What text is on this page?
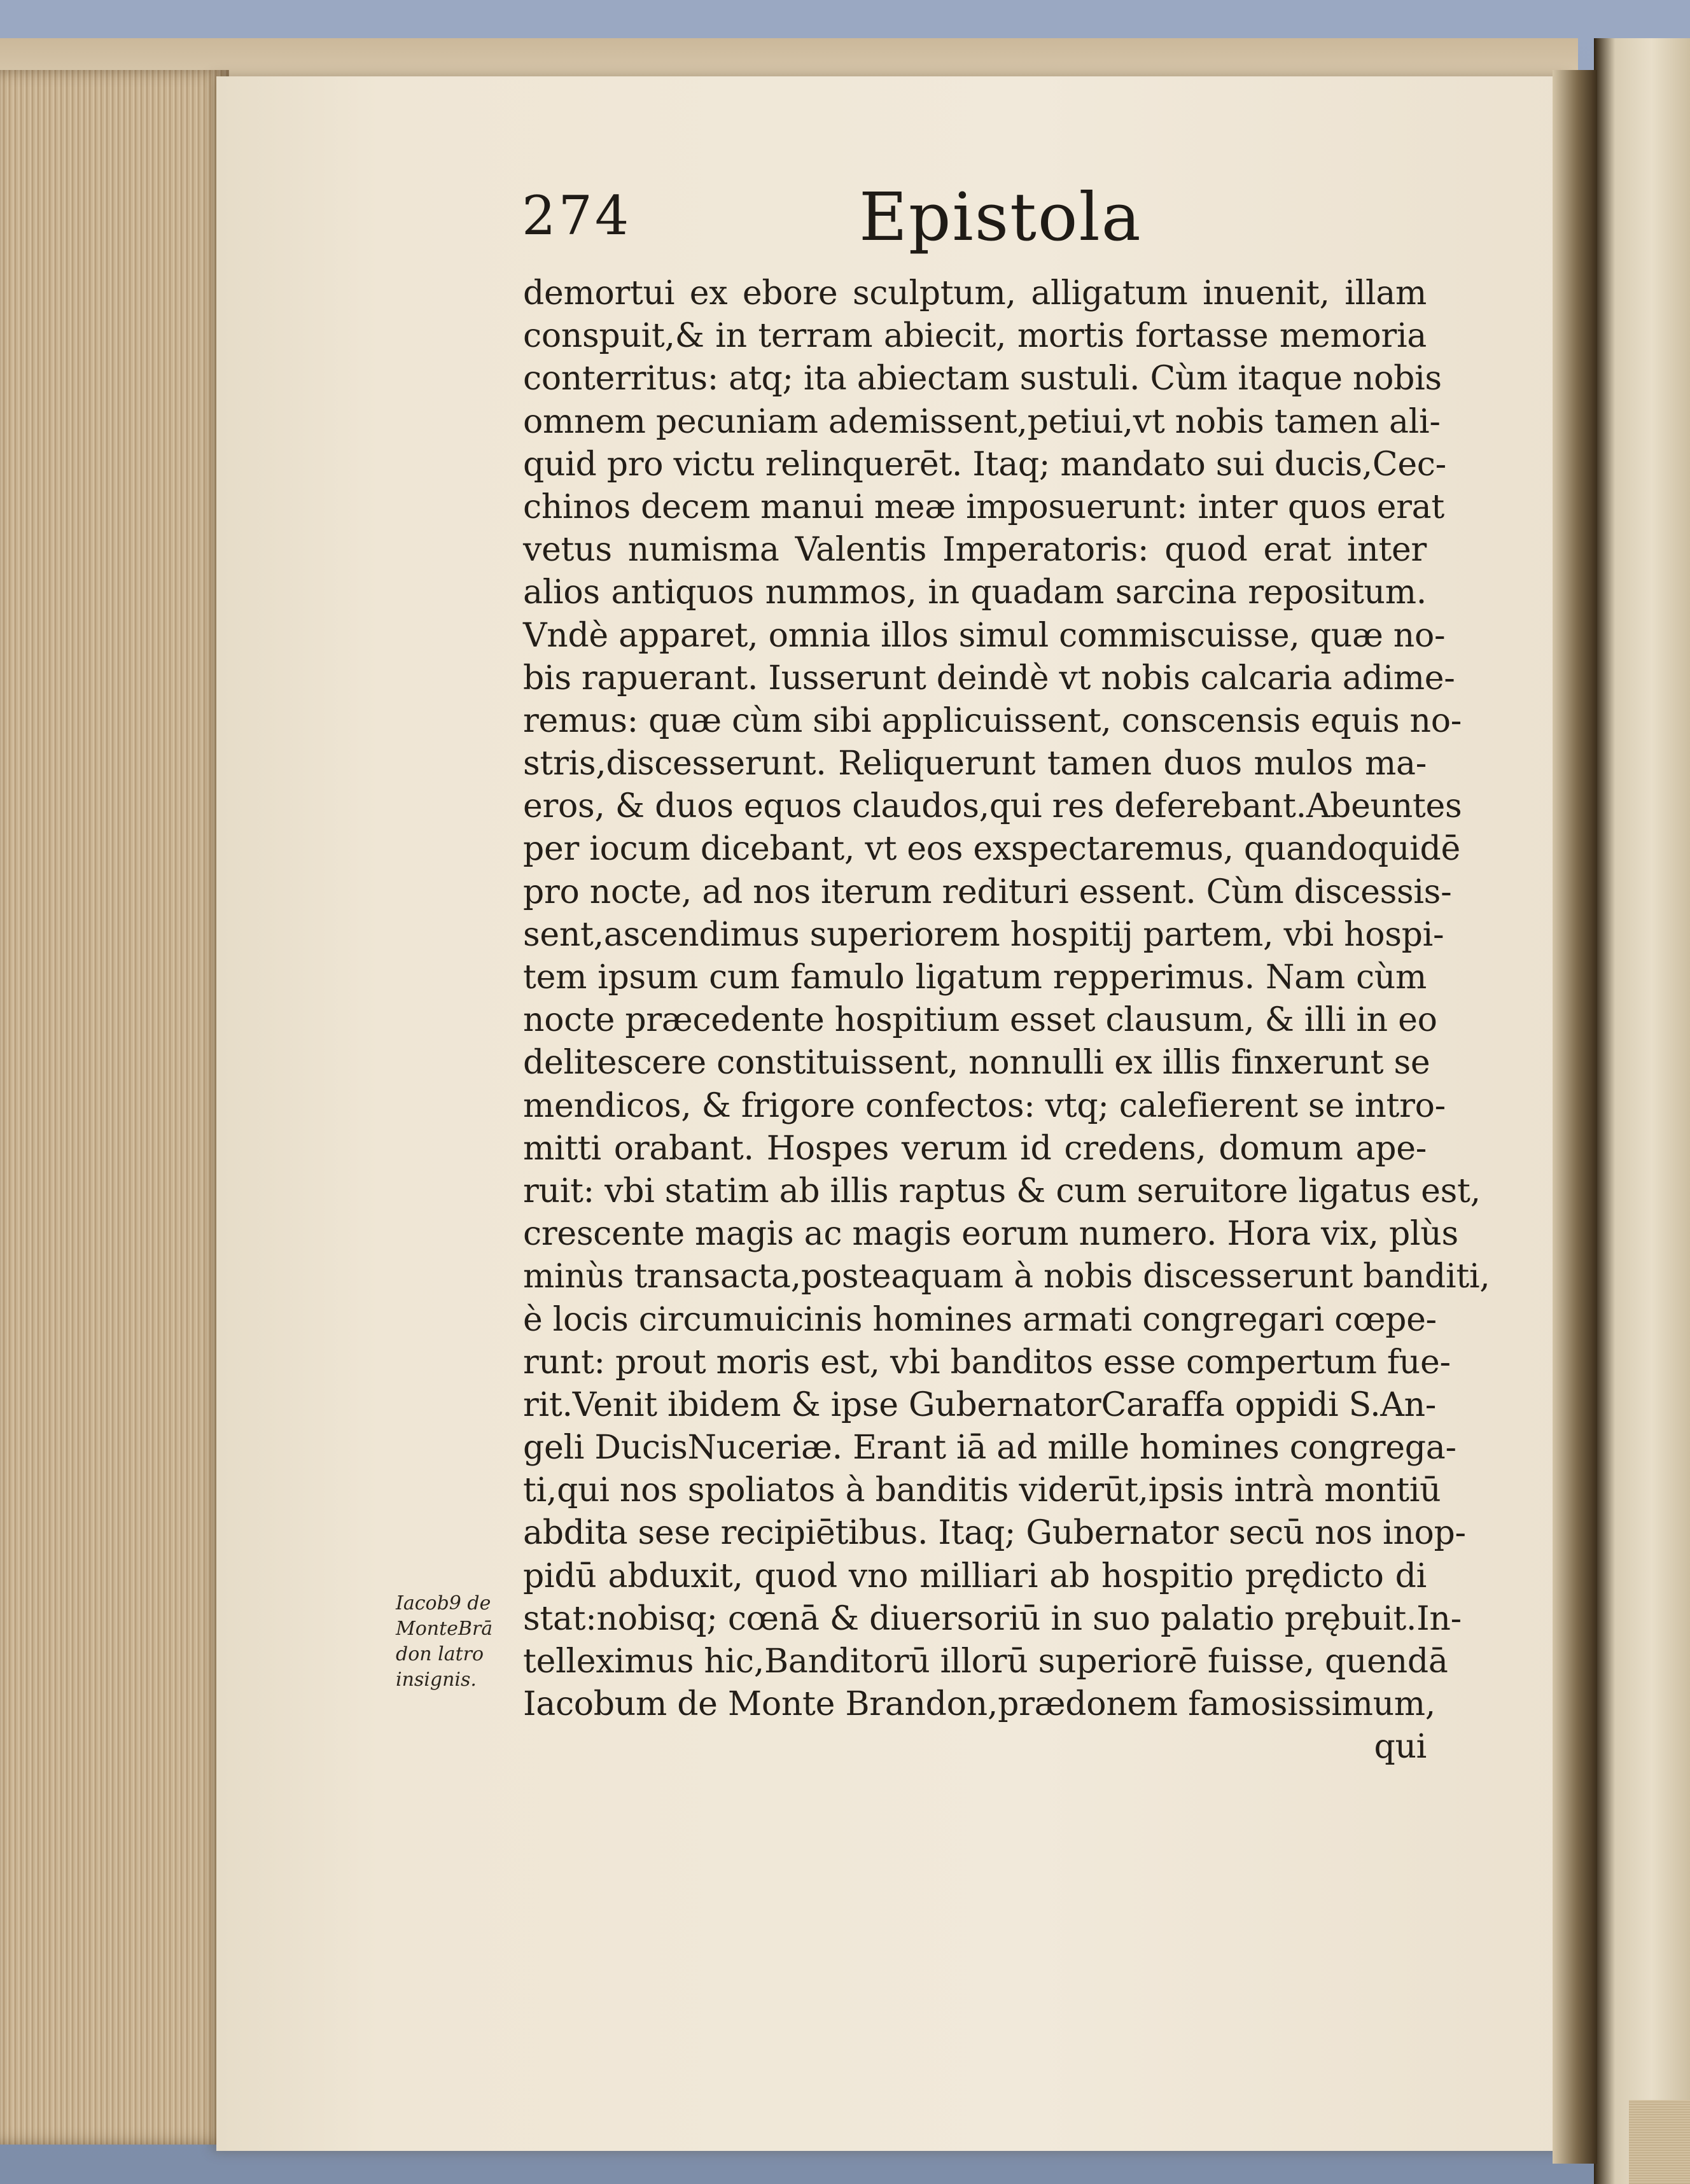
274	Epistola
demortui ex ebore sculptum, alligatum inuenit, illam
conspuit,& in terram abiecit, mortis fortasse memoria
conterritus: atq; ita abiectam sustuli. Cùm itaque nobis
omnem pecuniam ademissent,petiui,vt nobis tamen ali-
quid pro victu relinquerēt. Itaq; mandato sui ducis,Cec-
chinos decem manui meæ imposuerunt: inter quos erat
vetus numisma Valentis Imperatoris: quod erat inter
alios antiquos nummos, in quadam sarcina repositum.
Vndè apparet, omnia illos simul commiscuisse, quæ no-
bis rapuerant. Iusserunt deindè vt nobis calcaria adime-
remus: quæ cùm sibi applicuissent, conscensis equis no-
stris,discesserunt. Reliquerunt tamen duos mulos ma-
eros, & duos equos claudos,qui res deferebant.Abeuntes
per iocum dicebant, vt eos exspectaremus, quandoquidē
pro nocte, ad nos iterum redituri essent. Cùm discessis-
sent,ascendimus superiorem hospitij partem, vbi hospi-
tem ipsum cum famulo ligatum repperimus. Nam cùm
nocte præcedente hospitium esset clausum, & illi in eo
delitescere constituissent, nonnulli ex illis finxerunt se
mendicos, & frigore confectos: vtq; calefierent se intro-
mitti orabant. Hospes verum id credens, domum ape-
ruit: vbi statim ab illis raptus & cum seruitore ligatus est,
crescente magis ac magis eorum numero. Hora vix, plùs
minùs transacta,posteaquam à nobis discesserunt banditi,
è locis circumuicinis homines armati congregari cœpe-
runt: prout moris est, vbi banditos esse compertum fue-
rit.Venit ibidem & ipse GubernatorCaraffa oppidi S.An-
geli DucisNuceriæ. Erant iā ad mille homines congrega-
ti,qui nos spoliatos à banditis viderūt,ipsis intrà montiū
abdita sese recipiētibus. Itaq; Gubernator secū nos inop-
pidū abduxit, quod vno milliari ab hospitio prędicto di
stat:nobisq; cœnā & diuersoriū in suo palatio prębuit.In-
telleximus hic,Banditorū illorū superiorē fuisse, quendā
Iacobum de Monte Brandon,prædonem famosissimum,
qui
Iacob9 de
MonteBrā
don latro
insignis.
